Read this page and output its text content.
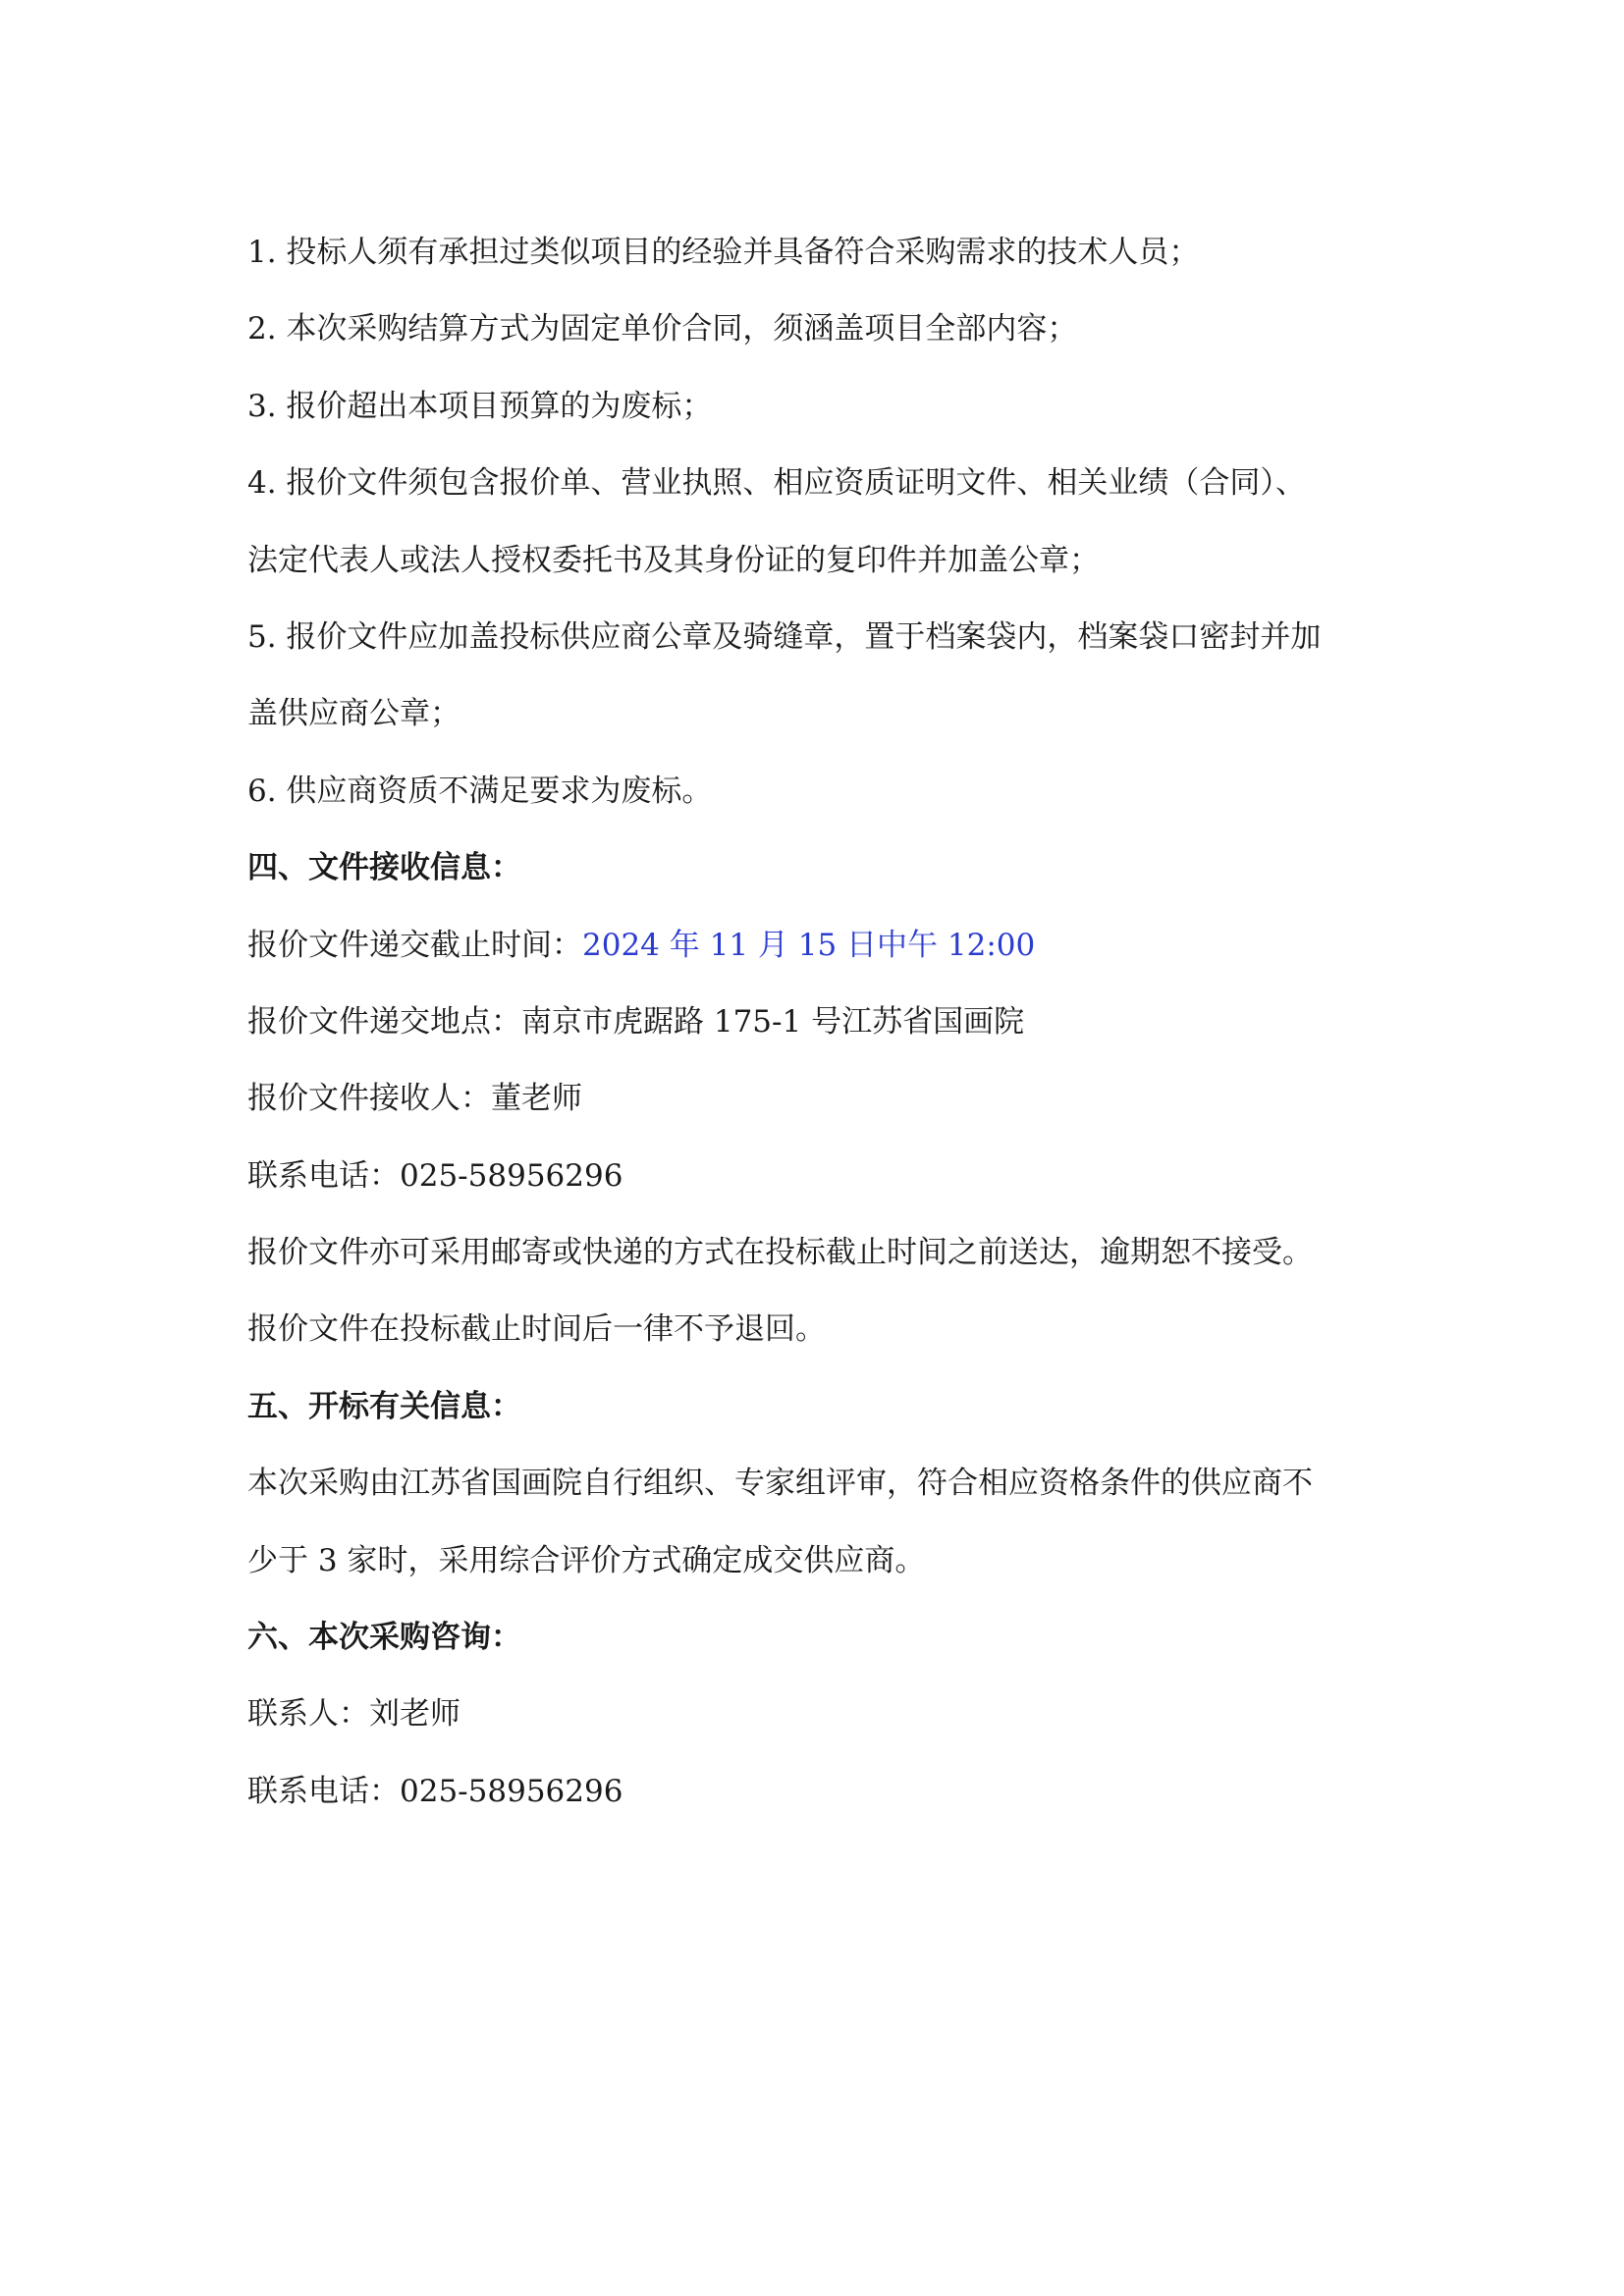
1. 投标人须有承担过类似项目的经验并具备符合采购需求的技术人员；

2. 本次采购结算方式为固定单价合同，须涵盖项目全部内容；

3. 报价超出本项目预算的为废标；

4. 报价文件须包含报价单、营业执照、相应资质证明文件、相关业绩（合同）、

法定代表人或法人授权委托书及其身份证的复印件并加盖公章；

5. 报价文件应加盖投标供应商公章及骑缝章，置于档案袋内，档案袋口密封并加

盖供应商公章；

6. 供应商资质不满足要求为废标。

四、文件接收信息：

报价文件递交截止时间：2024 年 11 月 15 日中午 12:00

报价文件递交地点：南京市虎踞路 175-1 号江苏省国画院

报价文件接收人：董老师

联系电话：025-58956296

报价文件亦可采用邮寄或快递的方式在投标截止时间之前送达，逾期恕不接受。

报价文件在投标截止时间后一律不予退回。

五、开标有关信息：

本次采购由江苏省国画院自行组织、专家组评审，符合相应资格条件的供应商不

少于 3 家时，采用综合评价方式确定成交供应商。

六、本次采购咨询：

联系人：刘老师

联系电话：025-58956296
